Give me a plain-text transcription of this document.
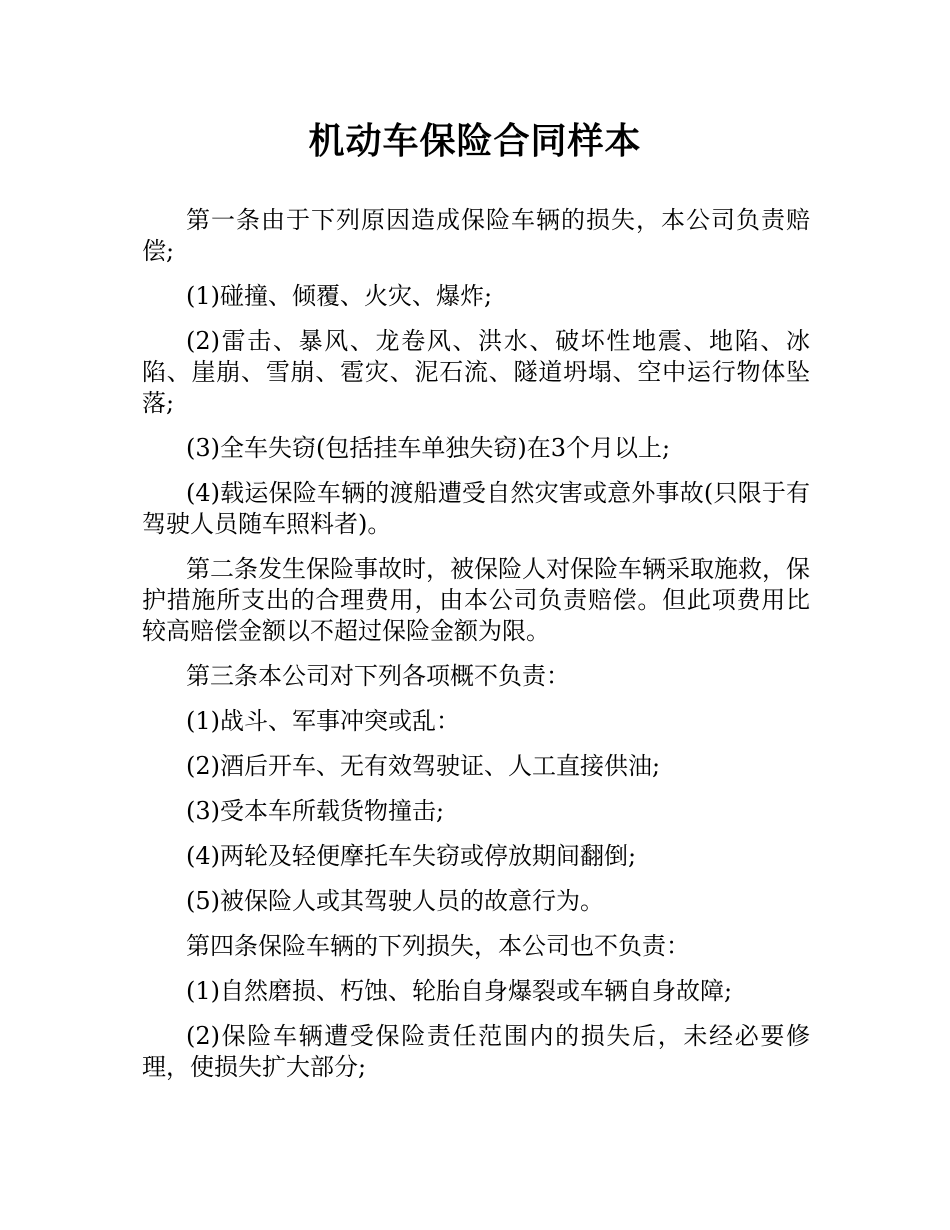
机动车保险合同样本

第一条由于下列原因造成保险车辆的损失，本公司负责赔偿;

(1)碰撞、倾覆、火灾、爆炸;

(2)雷击、暴风、龙卷风、洪水、破坏性地震、地陷、冰陷、崖崩、雪崩、雹灾、泥石流、隧道坍塌、空中运行物体坠落;

(3)全车失窃(包括挂车单独失窃)在3个月以上;

(4)载运保险车辆的渡船遭受自然灾害或意外事故(只限于有驾驶人员随车照料者)。

第二条发生保险事故时，被保险人对保险车辆采取施救，保护措施所支出的合理费用，由本公司负责赔偿。但此项费用比较高赔偿金额以不超过保险金额为限。

第三条本公司对下列各项概不负责：

(1)战斗、军事冲突或乱：

(2)酒后开车、无有效驾驶证、人工直接供油;

(3)受本车所载货物撞击;

(4)两轮及轻便摩托车失窃或停放期间翻倒;

(5)被保险人或其驾驶人员的故意行为。

第四条保险车辆的下列损失，本公司也不负责：

(1)自然磨损、朽蚀、轮胎自身爆裂或车辆自身故障;

(2)保险车辆遭受保险责任范围内的损失后，未经必要修理，使损失扩大部分;
